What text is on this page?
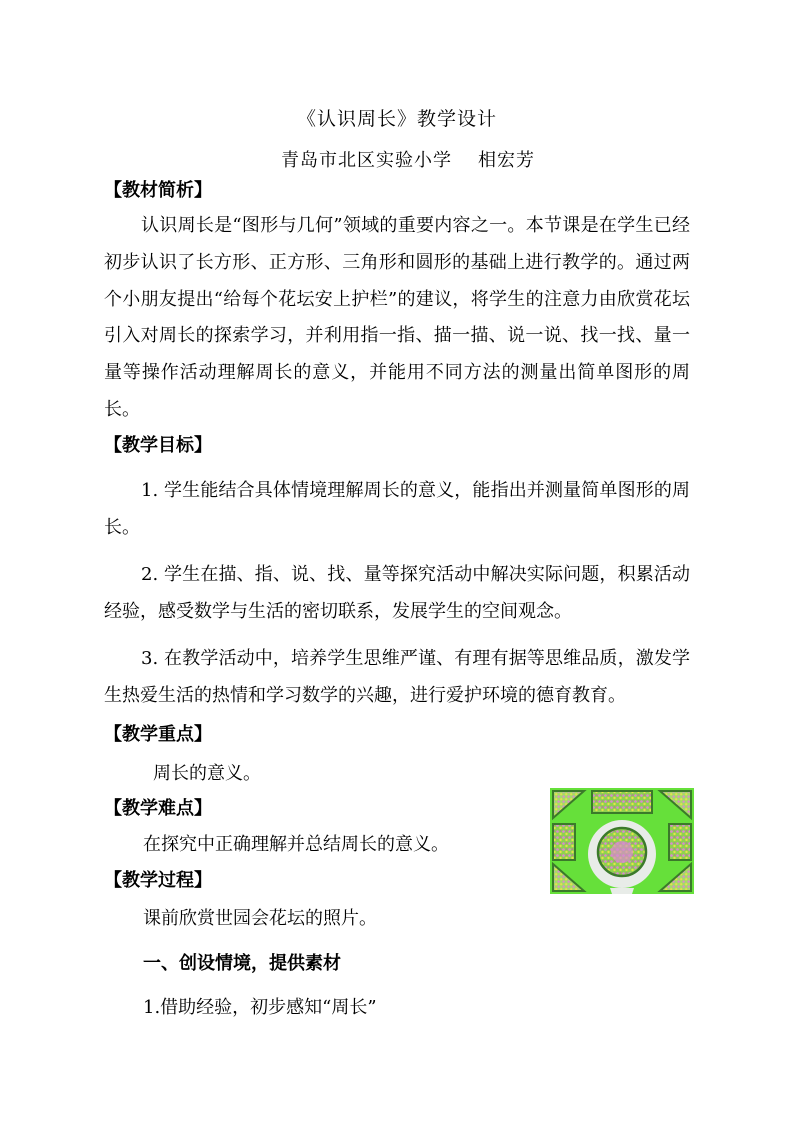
《认识周长》教学设计
青岛市北区实验小学 相宏芳
【教材简析】
认识周长是“图形与几何”领域的重要内容之一。本节课是在学生已经初步认识了长方形、正方形、三角形和圆形的基础上进行教学的。通过两个小朋友提出“给每个花坛安上护栏”的建议，将学生的注意力由欣赏花坛引入对周长的探索学习，并利用指一指、描一描、说一说、找一找、量一量等操作活动理解周长的意义，并能用不同方法的测量出简单图形的周长。
【教学目标】
1. 学生能结合具体情境理解周长的意义，能指出并测量简单图形的周长。
2. 学生在描、指、说、找、量等探究活动中解决实际问题，积累活动经验，感受数学与生活的密切联系，发展学生的空间观念。
3. 在教学活动中，培养学生思维严谨、有理有据等思维品质，激发学生热爱生活的热情和学习数学的兴趣，进行爱护环境的德育教育。
【教学重点】
周长的意义。
【教学难点】
在探究中正确理解并总结周长的意义。
【教学过程】
课前欣赏世园会花坛的照片。
一、创设情境，提供素材
1.借助经验，初步感知“周长”
